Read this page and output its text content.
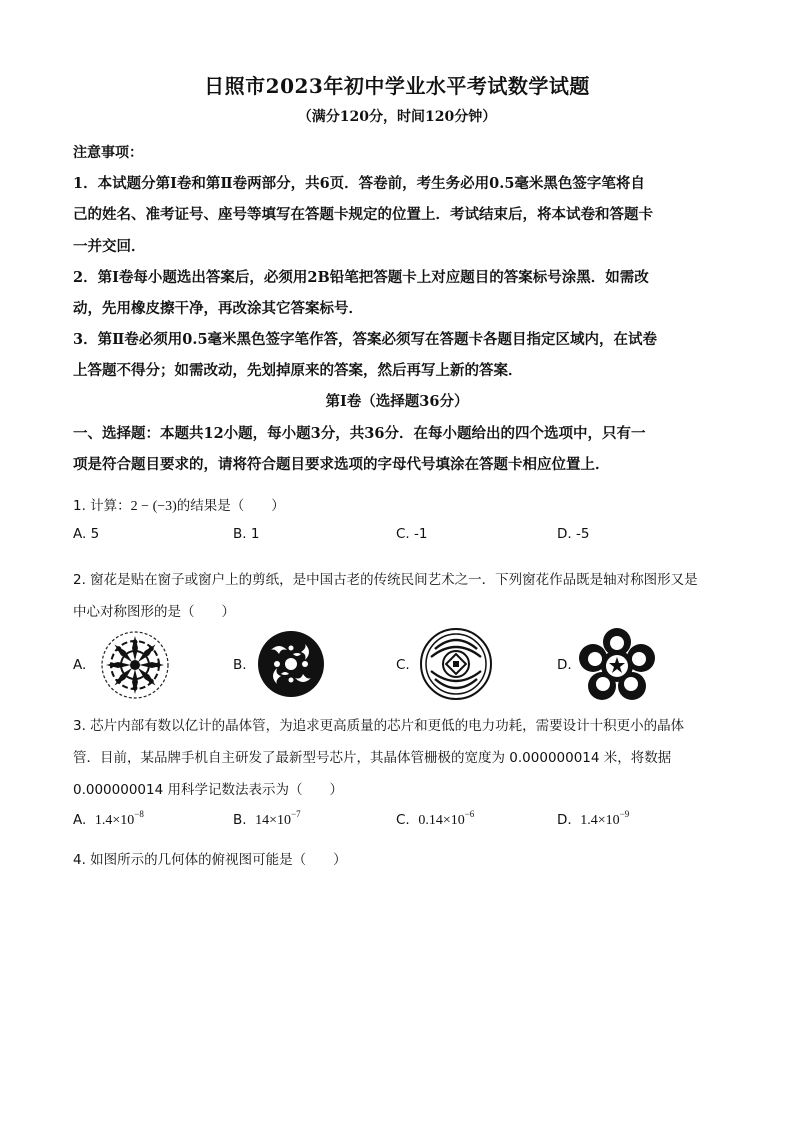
日照市2023年初中学业水平考试数学试题
（满分120分，时间120分钟）
注意事项：
1．本试题分第Ⅰ卷和第Ⅱ卷两部分，共6页．答卷前，考生务必用0.5毫米黑色签字笔将自
己的姓名、准考证号、座号等填写在答题卡规定的位置上．考试结束后，将本试卷和答题卡
一并交回．
2．第Ⅰ卷每小题选出答案后，必须用2B铅笔把答题卡上对应题目的答案标号涂黑．如需改
动，先用橡皮擦干净，再改涂其它答案标号．
3．第Ⅱ卷必须用0.5毫米黑色签字笔作答，答案必须写在答题卡各题目指定区域内，在试卷
上答题不得分；如需改动，先划掉原来的答案，然后再写上新的答案．
第Ⅰ卷（选择题36分）
一、选择题：本题共12小题，每小题3分，共36分．在每小题给出的四个选项中，只有一
项是符合题目要求的，请将符合题目要求选项的字母代号填涂在答题卡相应位置上．
1. 计算：2 − (−3)的结果是（　　）
A. 5	B. 1	C. -1	D. -5
2. 窗花是贴在窗子或窗户上的剪纸，是中国古老的传统民间艺术之一．下列窗花作品既是轴对称图形又是
中心对称图形的是（　　）
A.	B.	C.	D.
3. 芯片内部有数以亿计的晶体管，为追求更高质量的芯片和更低的电力功耗，需要设计十积更小的晶体
管．目前，某品牌手机自主研发了最新型号芯片，其晶体管栅极的宽度为 0.000000014 米，将数据
0.000000014 用科学记数法表示为（　　）
A. $1.4\times 10^{-8}$	B. $14\times 10^{-7}$	C. $0.14\times 10^{-6}$	D. $1.4\times 10^{-9}$
4. 如图所示的几何体的俯视图可能是（　　）
